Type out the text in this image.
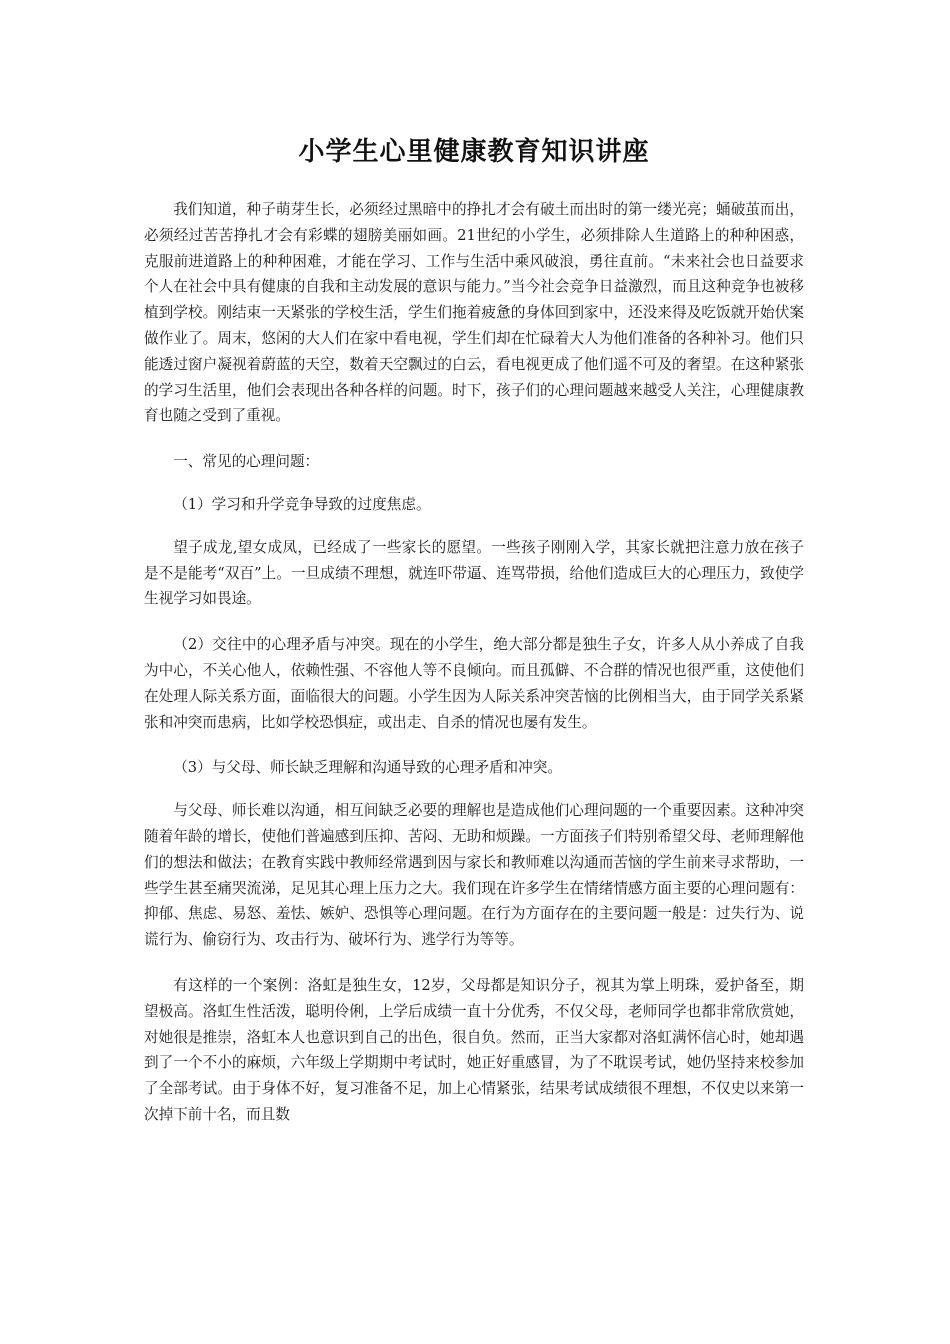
小学生心里健康教育知识讲座

我们知道，种子萌芽生长，必须经过黑暗中的挣扎才会有破土而出时的第一缕光亮；蛹破茧而出，必须经过苦苦挣扎才会有彩蝶的翅膀美丽如画。21世纪的小学生，必须排除人生道路上的种种困惑，克服前进道路上的种种困难，才能在学习、工作与生活中乘风破浪，勇往直前。“未来社会也日益要求个人在社会中具有健康的自我和主动发展的意识与能力。”当今社会竞争日益激烈，而且这种竞争也被移植到学校。刚结束一天紧张的学校生活，学生们拖着疲惫的身体回到家中，还没来得及吃饭就开始伏案做作业了。周末，悠闲的大人们在家中看电视，学生们却在忙碌着大人为他们准备的各种补习。他们只能透过窗户凝视着蔚蓝的天空，数着天空飘过的白云，看电视更成了他们遥不可及的奢望。在这种紧张的学习生活里，他们会表现出各种各样的问题。时下，孩子们的心理问题越来越受人关注，心理健康教育也随之受到了重视。

一、常见的心理问题：

（1）学习和升学竞争导致的过度焦虑。

望子成龙,望女成凤，已经成了一些家长的愿望。一些孩子刚刚入学，其家长就把注意力放在孩子是不是能考“双百”上。一旦成绩不理想，就连吓带逼、连骂带损，给他们造成巨大的心理压力，致使学生视学习如畏途。

（2）交往中的心理矛盾与冲突。现在的小学生，绝大部分都是独生子女，许多人从小养成了自我为中心，不关心他人，依赖性强、不容他人等不良倾向。而且孤僻、不合群的情况也很严重，这使他们在处理人际关系方面，面临很大的问题。小学生因为人际关系冲突苦恼的比例相当大，由于同学关系紧张和冲突而患病，比如学校恐惧症，或出走、自杀的情况也屡有发生。

（3）与父母、师长缺乏理解和沟通导致的心理矛盾和冲突。

与父母、师长难以沟通，相互间缺乏必要的理解也是造成他们心理问题的一个重要因素。这种冲突随着年龄的增长，使他们普遍感到压抑、苦闷、无助和烦躁。一方面孩子们特别希望父母、老师理解他们的想法和做法；在教育实践中教师经常遇到因与家长和教师难以沟通而苦恼的学生前来寻求帮助，一些学生甚至痛哭流涕，足见其心理上压力之大。我们现在许多学生在情绪情感方面主要的心理问题有：抑郁、焦虑、易怒、羞怯、嫉妒、恐惧等心理问题。在行为方面存在的主要问题一般是：过失行为、说谎行为、偷窃行为、攻击行为、破坏行为、逃学行为等等。

有这样的一个案例：洛虹是独生女，12岁，父母都是知识分子，视其为掌上明珠，爱护备至，期望极高。洛虹生性活泼，聪明伶俐，上学后成绩一直十分优秀，不仅父母，老师同学也都非常欣赏她，对她很是推崇，洛虹本人也意识到自己的出色，很自负。然而，正当大家都对洛虹满怀信心时，她却遇到了一个不小的麻烦，六年级上学期期中考试时，她正好重感冒，为了不耽误考试，她仍坚持来校参加了全部考试。由于身体不好，复习准备不足，加上心情紧张，结果考试成绩很不理想，不仅史以来第一次掉下前十名，而且数
